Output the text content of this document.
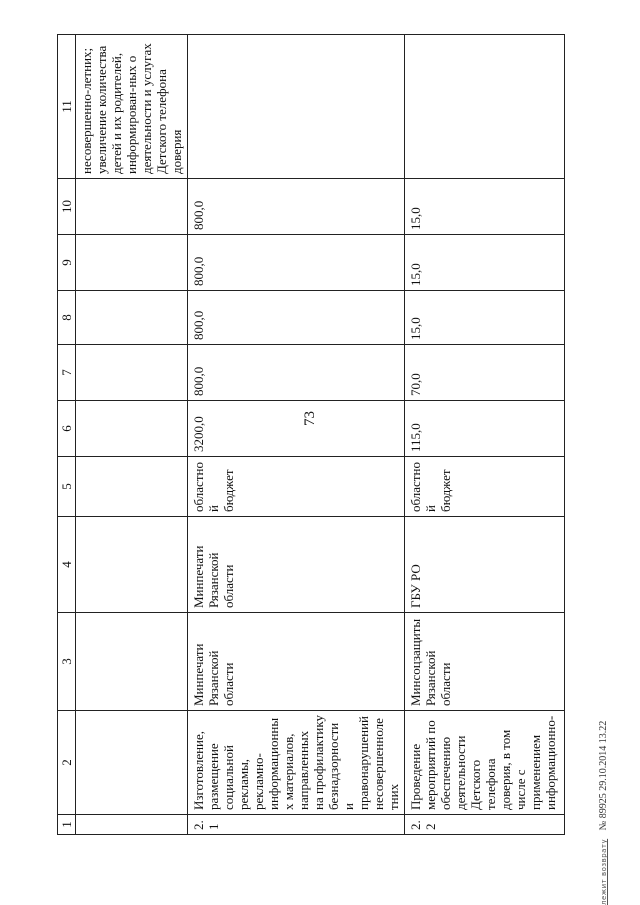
73
1	2	3	4	5	6	7	8	9	10	11
										несовершенно-летних; увеличение количества детей и их родителей, информирован-ных о деятельности и услугах Детского телефона доверия
2.1	Изготовление, размещение социальной рекламы, рекламно-информационных материалов, направленных на профилактику безнадзорности и правонарушений несовершеннолетних	Минпечати Рязанской области	Минпечати Рязанской области	областной бюджет	3200,0	800,0	800,0	800,0	800,0	
2.2	Проведение мероприятий по обеспечению деятельности Детского телефона доверия, в том числе с применением информационно-	Минсоцзащиты Рязанской области	ГБУ РО	областной бюджет	115,0	70,0	15,0	15,0	15,0	
лежит возврату № 89925 29.10.2014 13.22
